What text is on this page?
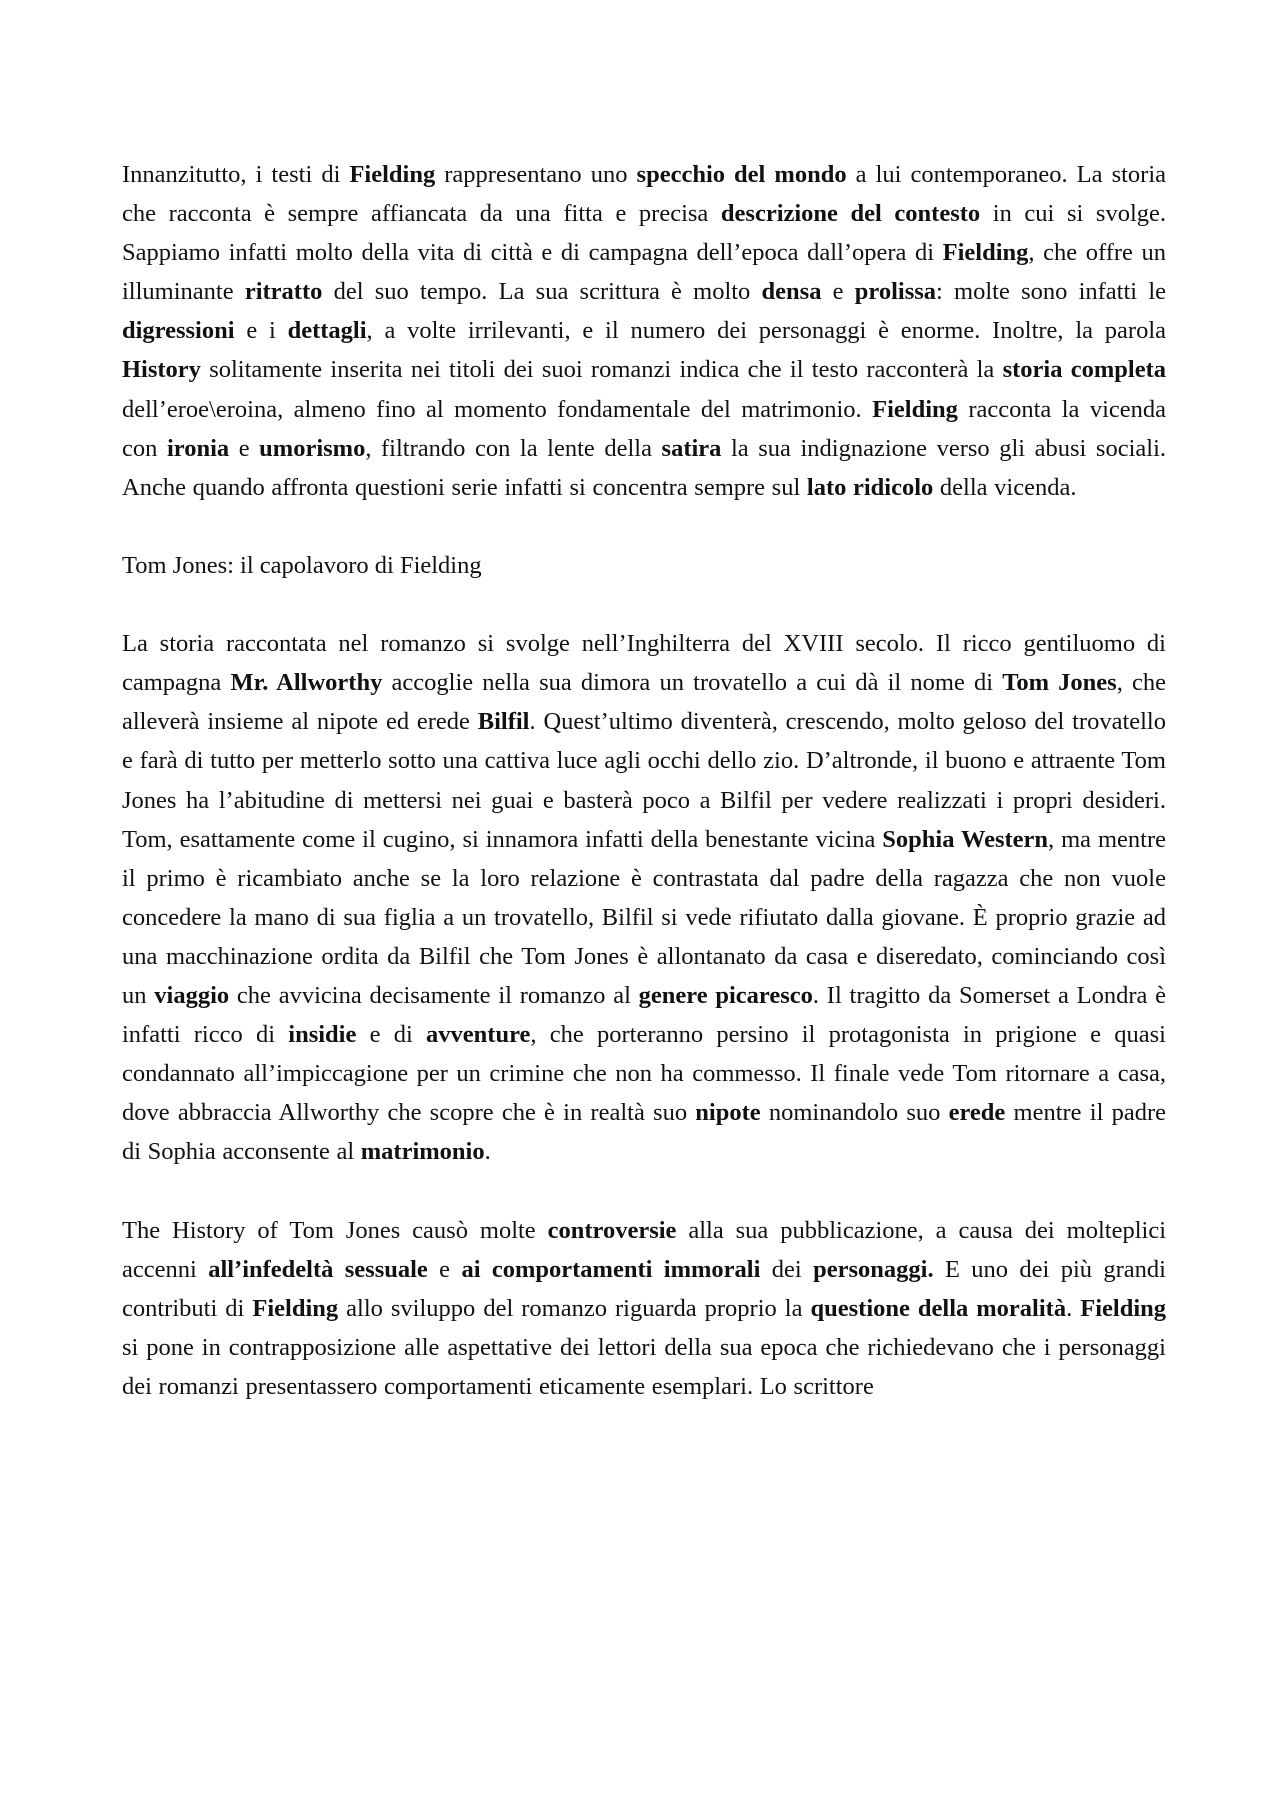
Innanzitutto, i testi di Fielding rappresentano uno specchio del mondo a lui contemporaneo. La storia che racconta è sempre affiancata da una fitta e precisa descrizione del contesto in cui si svolge. Sappiamo infatti molto della vita di città e di campagna dell’epoca dall’opera di Fielding, che offre un illuminante ritratto del suo tempo. La sua scrittura è molto densa e prolissa: molte sono infatti le digressioni e i dettagli, a volte irrilevanti, e il numero dei personaggi è enorme. Inoltre, la parola History solitamente inserita nei titoli dei suoi romanzi indica che il testo racconterà la storia completa dell’eroe\eroina, almeno fino al momento fondamentale del matrimonio. Fielding racconta la vicenda con ironia e umorismo, filtrando con la lente della satira la sua indignazione verso gli abusi sociali. Anche quando affronta questioni serie infatti si concentra sempre sul lato ridicolo della vicenda.

Tom Jones: il capolavoro di Fielding

La storia raccontata nel romanzo si svolge nell’Inghilterra del XVIII secolo. Il ricco gentiluomo di campagna Mr. Allworthy accoglie nella sua dimora un trovatello a cui dà il nome di Tom Jones, che alleverà insieme al nipote ed erede Bilfil. Quest’ultimo diventerà, crescendo, molto geloso del trovatello e farà di tutto per metterlo sotto una cattiva luce agli occhi dello zio. D’altronde, il buono e attraente Tom Jones ha l’abitudine di mettersi nei guai e basterà poco a Bilfil per vedere realizzati i propri desideri. Tom, esattamente come il cugino, si innamora infatti della benestante vicina Sophia Western, ma mentre il primo è ricambiato anche se la loro relazione è contrastata dal padre della ragazza che non vuole concedere la mano di sua figlia a un trovatello, Bilfil si vede rifiutato dalla giovane. È proprio grazie ad una macchinazione ordita da Bilfil che Tom Jones è allontanato da casa e diseredato, cominciando così un viaggio che avvicina decisamente il romanzo al genere picaresco. Il tragitto da Somerset a Londra è infatti ricco di insidie e di avventure, che porteranno persino il protagonista in prigione e quasi condannato all’impiccagione per un crimine che non ha commesso. Il finale vede Tom ritornare a casa, dove abbraccia Allworthy che scopre che è in realtà suo nipote nominandolo suo erede mentre il padre di Sophia acconsente al matrimonio.

The History of Tom Jones causò molte controversie alla sua pubblicazione, a causa dei molteplici accenni all’infedeltà sessuale e ai comportamenti immorali dei personaggi. E uno dei più grandi contributi di Fielding allo sviluppo del romanzo riguarda proprio la questione della moralità. Fielding si pone in contrapposizione alle aspettative dei lettori della sua epoca che richiedevano che i personaggi dei romanzi presentassero comportamenti eticamente esemplari. Lo scrittore
